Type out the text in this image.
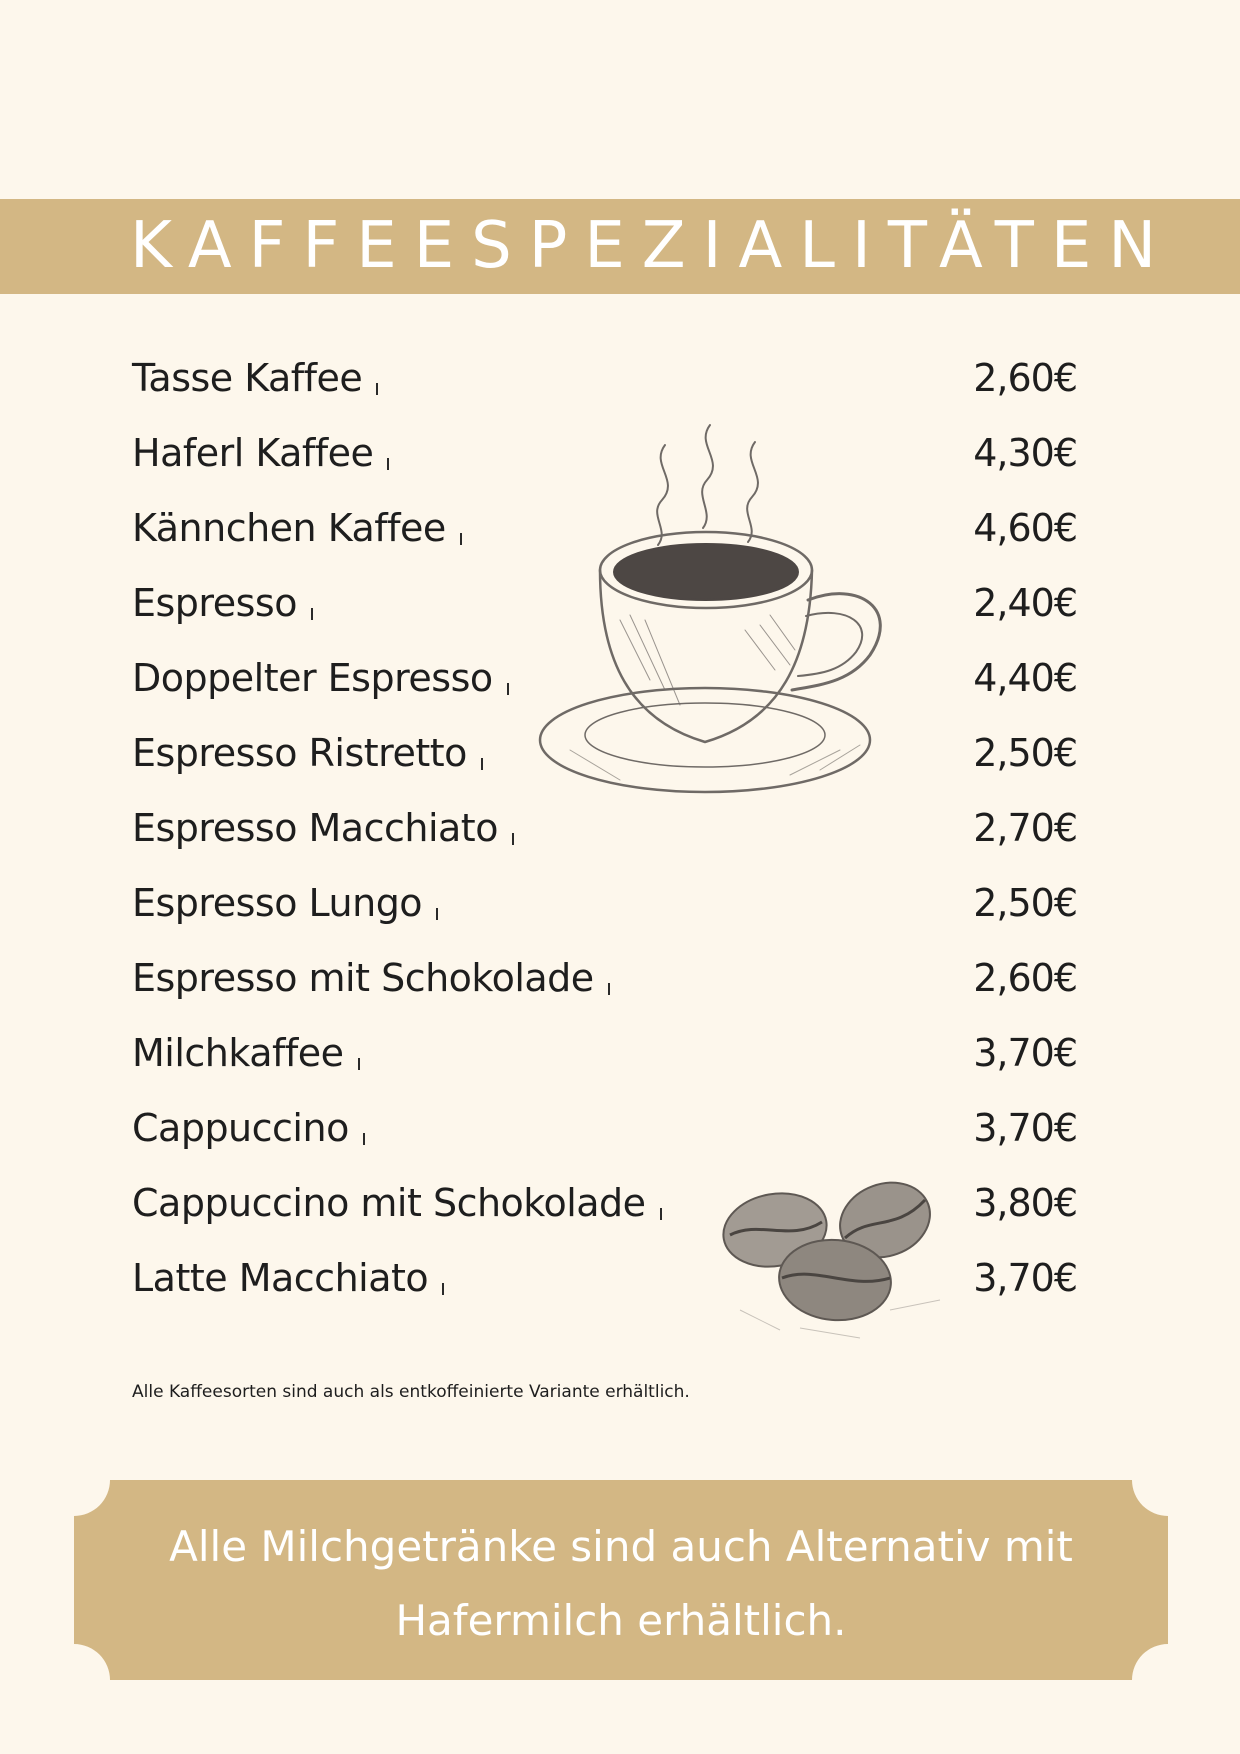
KAFFEESPEZIALITÄTEN
Tasse Kaffee	2,60€
Haferl Kaffee	4,30€
Kännchen Kaffee	4,60€
Espresso	2,40€
Doppelter Espresso	4,40€
Espresso Ristretto	2,50€
Espresso Macchiato	2,70€
Espresso Lungo	2,50€
Espresso mit Schokolade	2,60€
Milchkaffee	3,70€
Cappuccino	3,70€
Cappuccino mit Schokolade	3,80€
Latte Macchiato	3,70€
Alle Kaffeesorten sind auch als entkoffeinierte Variante erhältlich.
Alle Milchgetränke sind auch Alternativ mit
Hafermilch erhältlich.
